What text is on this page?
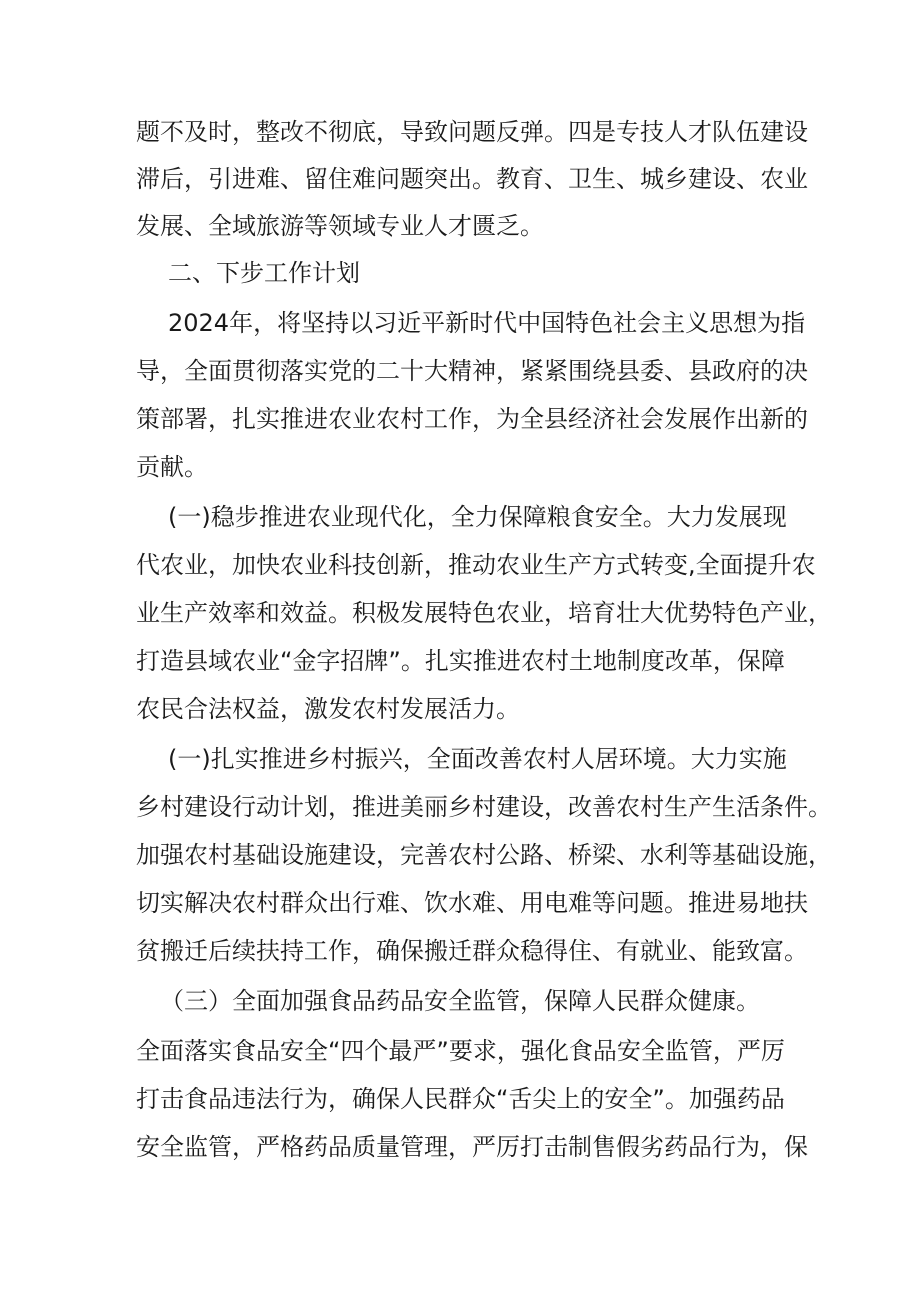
题不及时，整改不彻底，导致问题反弹。四是专技人才队伍建设
滞后，引进难、留住难问题突出。教育、卫生、城乡建设、农业
发展、全域旅游等领域专业人才匮乏。
二、下步工作计划
2024年，将坚持以习近平新时代中国特色社会主义思想为指
导，全面贯彻落实党的二十大精神，紧紧围绕县委、县政府的决
策部署，扎实推进农业农村工作，为全县经济社会发展作出新的
贡献。
(一)稳步推进农业现代化，全力保障粮食安全。大力发展现
代农业，加快农业科技创新，推动农业生产方式转变,全面提升农
业生产效率和效益。积极发展特色农业，培育壮大优势特色产业，
打造县域农业“金字招牌”。扎实推进农村土地制度改革，保障
农民合法权益，激发农村发展活力。
(一)扎实推进乡村振兴，全面改善农村人居环境。大力实施
乡村建设行动计划，推进美丽乡村建设，改善农村生产生活条件。
加强农村基础设施建设，完善农村公路、桥梁、水利等基础设施，
切实解决农村群众出行难、饮水难、用电难等问题。推进易地扶
贫搬迁后续扶持工作，确保搬迁群众稳得住、有就业、能致富。
（三）全面加强食品药品安全监管，保障人民群众健康。
全面落实食品安全“四个最严”要求，强化食品安全监管，严厉
打击食品违法行为，确保人民群众“舌尖上的安全”。加强药品
安全监管，严格药品质量管理，严厉打击制售假劣药品行为，保
